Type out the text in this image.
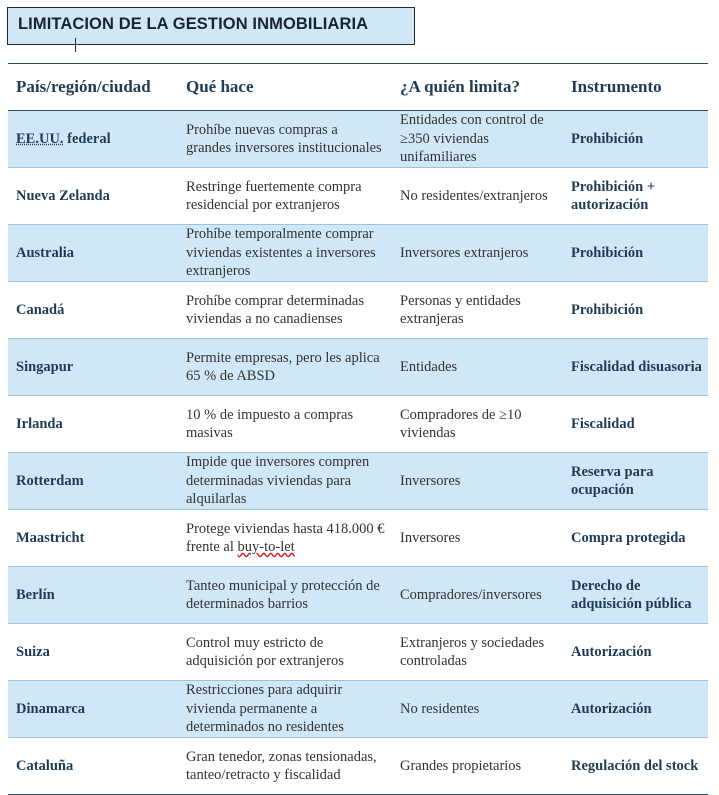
LIMITACION DE LA GESTION INMOBILIARIA
País/región/ciudad	Qué hace	¿A quién limita?	Instrumento
EE.UU. federal	Prohíbe nuevas compras a grandes inversores institucionales	Entidades con control de ≥350 viviendas unifamiliares	Prohibición
Nueva Zelanda	Restringe fuertemente compra residencial por extranjeros	No residentes/extranjeros	Prohibición + autorización
Australia	Prohíbe temporalmente comprar viviendas existentes a inversores extranjeros	Inversores extranjeros	Prohibición
Canadá	Prohíbe comprar determinadas viviendas a no canadienses	Personas y entidades extranjeras	Prohibición
Singapur	Permite empresas, pero les aplica 65 % de ABSD	Entidades	Fiscalidad disuasoria
Irlanda	10 % de impuesto a compras masivas	Compradores de ≥10 viviendas	Fiscalidad
Rotterdam	Impide que inversores compren determinadas viviendas para alquilarlas	Inversores	Reserva para ocupación
Maastricht	Protege viviendas hasta 418.000 € frente al buy-to-let	Inversores	Compra protegida
Berlín	Tanteo municipal y protección de determinados barrios	Compradores/inversores	Derecho de adquisición pública
Suiza	Control muy estricto de adquisición por extranjeros	Extranjeros y sociedades controladas	Autorización
Dinamarca	Restricciones para adquirir vivienda permanente a determinados no residentes	No residentes	Autorización
Cataluña	Gran tenedor, zonas tensionadas, tanteo/retracto y fiscalidad	Grandes propietarios	Regulación del stock
